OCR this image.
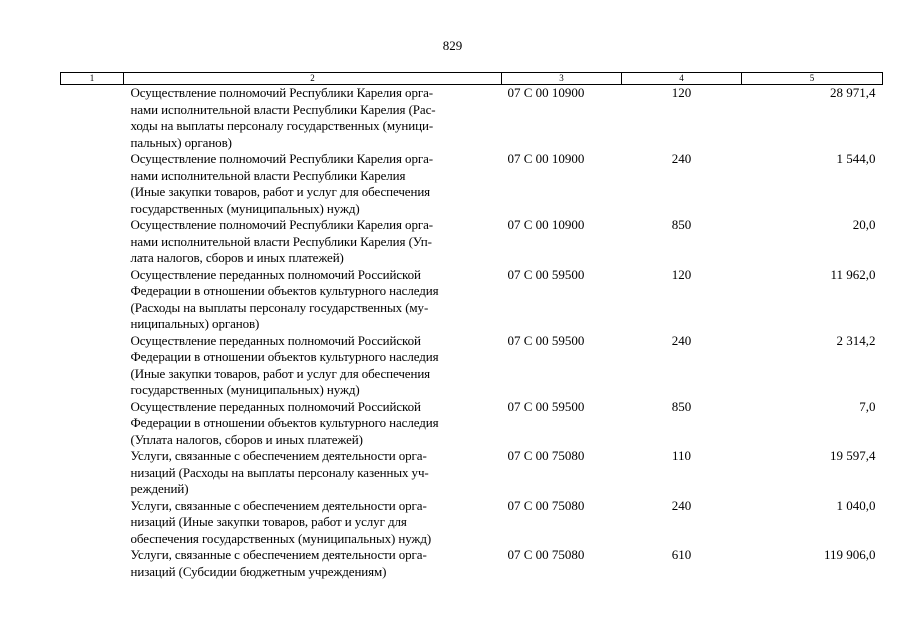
829
1	2	3	4	5
	Осуществление полномочий Республики Карелия орга-
нами исполнительной власти Республики Карелия (Рас-
ходы на выплаты персоналу государственных (муници-
пальных) органов)	07 С 00 10900	120	28 971,4
	Осуществление полномочий Республики Карелия орга-
нами исполнительной власти Республики Карелия
(Иные закупки товаров, работ и услуг для обеспечения
государственных (муниципальных) нужд)	07 С 00 10900	240	1 544,0
	Осуществление полномочий Республики Карелия орга-
нами исполнительной власти Республики Карелия (Уп-
лата налогов, сборов и иных платежей)	07 С 00 10900	850	20,0
	Осуществление переданных полномочий Российской
Федерации в отношении объектов культурного наследия
(Расходы на выплаты персоналу государственных (му-
ниципальных) органов)	07 С 00 59500	120	11 962,0
	Осуществление переданных полномочий Российской
Федерации в отношении объектов культурного наследия
(Иные закупки товаров, работ и услуг для обеспечения
государственных (муниципальных) нужд)	07 С 00 59500	240	2 314,2
	Осуществление переданных полномочий Российской
Федерации в отношении объектов культурного наследия
(Уплата налогов, сборов и иных платежей)	07 С 00 59500	850	7,0
	Услуги, связанные с обеспечением деятельности орга-
низаций (Расходы на выплаты персоналу казенных уч-
реждений)	07 С 00 75080	110	19 597,4
	Услуги, связанные с обеспечением деятельности орга-
низаций (Иные закупки товаров, работ и услуг для
обеспечения государственных (муниципальных) нужд)	07 С 00 75080	240	1 040,0
	Услуги, связанные с обеспечением деятельности орга-
низаций (Субсидии бюджетным учреждениям)	07 С 00 75080	610	119 906,0
